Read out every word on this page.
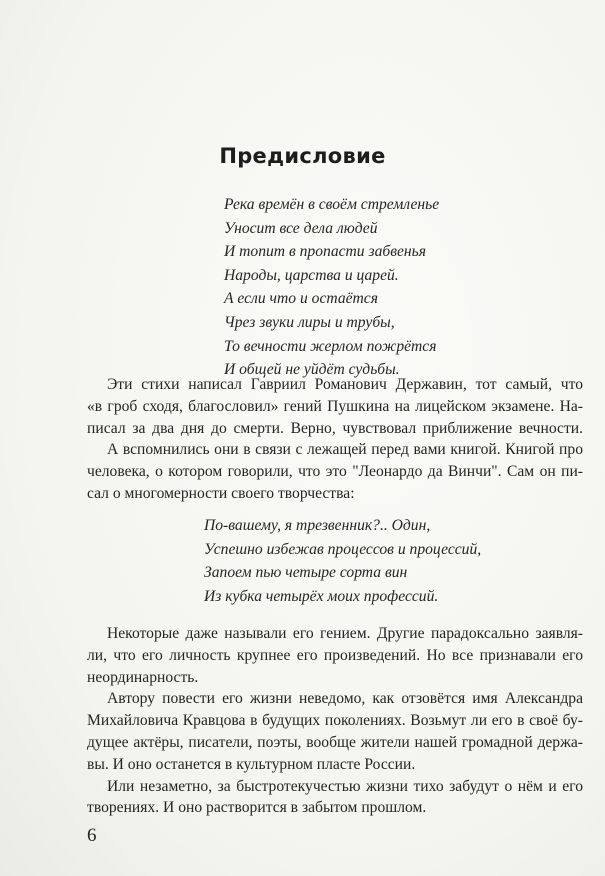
Предисловие
Река времён в своём стремленье
Уносит все дела людей
И топит в пропасти забвенья
Народы, царства и царей.
А если что и остаётся
Чрез звуки лиры и трубы,
То вечности жерлом пожрётся
И общей не уйдёт судьбы.

Эти стихи написал Гавриил Романович Державин, тот самый, что
«в гроб сходя, благословил» гений Пушкина на лицейском экзамене. На-
писал за два дня до смерти. Верно, чувствовал приближение вечности.

А вспомнились они в связи с лежащей перед вами книгой. Книгой про
человека, о котором говорили, что это "Леонардо да Винчи". Сам он пи-
сал о многомерности своего творчества:

По-вашему, я трезвенник?.. Один,
Успешно избежав процессов и процессий,
Запоем пью четыре сорта вин
Из кубка четырёх моих профессий.

Некоторые даже называли его гением. Другие парадоксально заявля-
ли, что его личность крупнее его произведений. Но все признавали его
неординарность.

Автору повести его жизни неведомо, как отзовётся имя Александра
Михайловича Кравцова в будущих поколениях. Возьмут ли его в своё бу-
дущее актёры, писатели, поэты, вообще жители нашей громадной держа-
вы. И оно останется в культурном пласте России.

Или незаметно, за быстротекучестью жизни тихо забудут о нём и его
творениях. И оно растворится в забытом прошлом.

6
